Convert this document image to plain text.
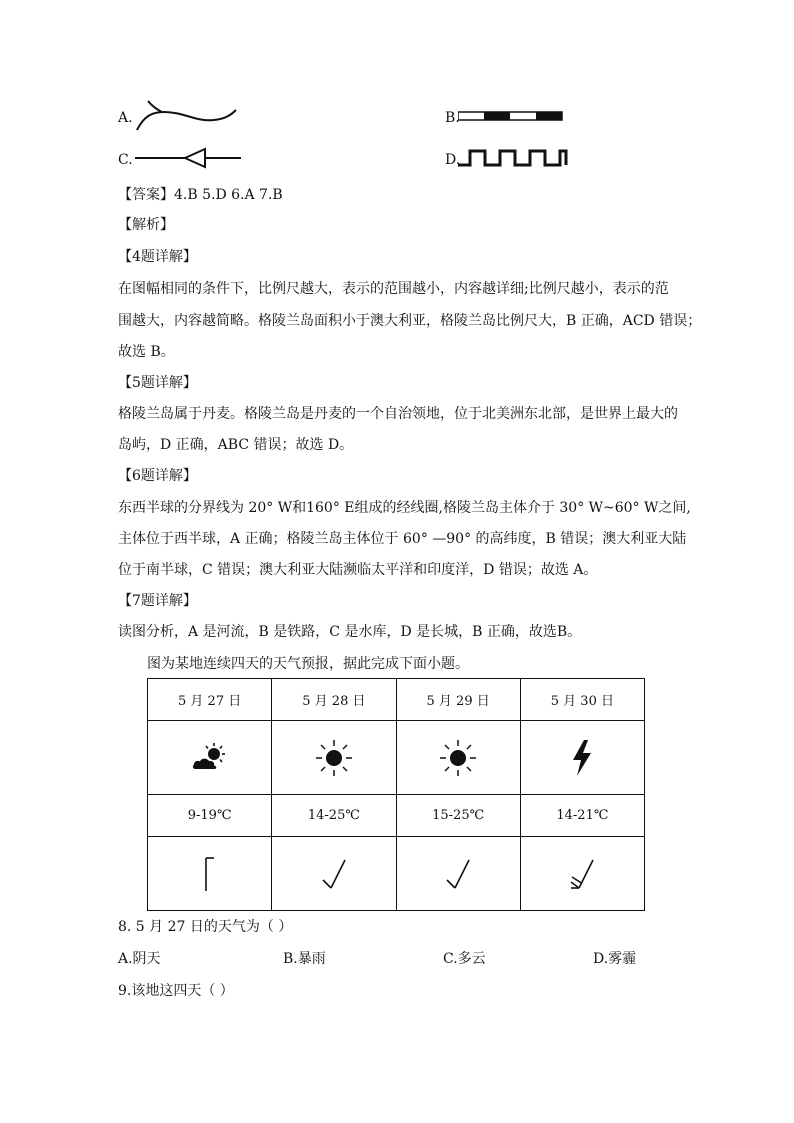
A.	B.
C.	D.
【答案】4.B 5.D 6.A 7.B
【解析】
【4题详解】
在图幅相同的条件下，比例尺越大，表示的范围越小，内容越详细;比例尺越小，表示的范
围越大，内容越简略。格陵兰岛面积小于澳大利亚，格陵兰岛比例尺大，B 正确，ACD 错误；
故选 B。
【5题详解】
格陵兰岛属于丹麦。格陵兰岛是丹麦的一个自治领地，位于北美洲东北部，是世界上最大的
岛屿，D 正确，ABC 错误；故选 D。
【6题详解】
东西半球的分界线为 20° W和160° E组成的经线圈,格陵兰岛主体介于 30° W~60° W之间,
主体位于西半球，A 正确；格陵兰岛主体位于 60° —90° 的高纬度，B 错误；澳大利亚大陆
位于南半球，C 错误；澳大利亚大陆濒临太平洋和印度洋，D 错误；故选 A。
【7题详解】
读图分析，A 是河流，B 是铁路，C 是水库，D 是长城，B 正确，故选B。
图为某地连续四天的天气预报，据此完成下面小题。
5 月 27 日	5 月 28 日	5 月 29 日	5 月 30 日

9-19℃	14-25℃	15-25℃	14-21℃

8. 5 月 27 日的天气为（ ）
A.阴天	B.暴雨	C.多云	D.雾霾
9.该地这四天（ ）
